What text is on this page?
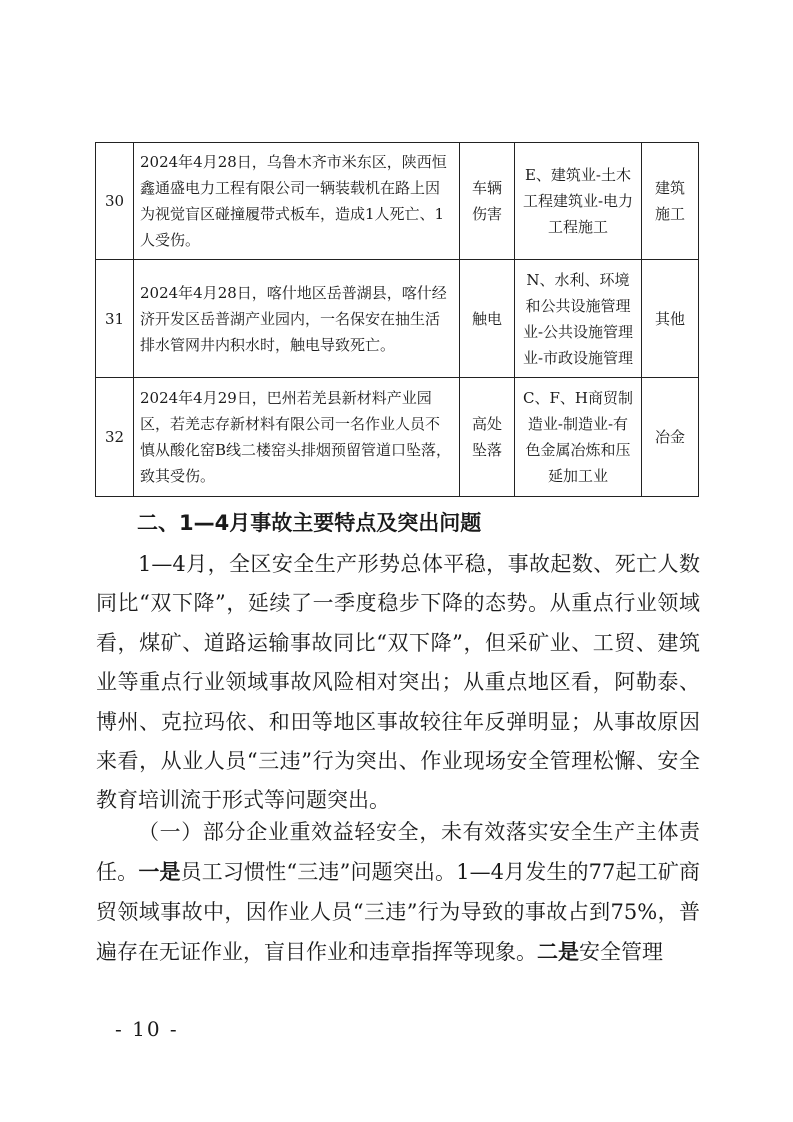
30	2024年4月28日，乌鲁木齐市米东区，陕西恒鑫通盛电力工程有限公司一辆装载机在路上因为视觉盲区碰撞履带式板车，造成1人死亡、1人受伤。	车辆伤害	E、建筑业-土木工程建筑业-电力工程施工	建筑施工
31	2024年4月28日，喀什地区岳普湖县，喀什经济开发区岳普湖产业园内，一名保安在抽生活排水管网井内积水时，触电导致死亡。	触电	N、水利、环境和公共设施管理业-公共设施管理业-市政设施管理	其他
32	2024年4月29日，巴州若羌县新材料产业园区，若羌志存新材料有限公司一名作业人员不慎从酸化窑B线二楼窑头排烟预留管道口坠落，致其受伤。	高处坠落	C、F、H商贸制造业-制造业-有色金属冶炼和压延加工业	冶金
二、1—4月事故主要特点及突出问题
1—4月，全区安全生产形势总体平稳，事故起数、死亡人数同比“双下降”，延续了一季度稳步下降的态势。从重点行业领域看，煤矿、道路运输事故同比“双下降”，但采矿业、工贸、建筑业等重点行业领域事故风险相对突出；从重点地区看，阿勒泰、博州、克拉玛依、和田等地区事故较往年反弹明显；从事故原因来看，从业人员“三违”行为突出、作业现场安全管理松懈、安全教育培训流于形式等问题突出。
（一）部分企业重效益轻安全，未有效落实安全生产主体责任。一是员工习惯性“三违”问题突出。1—4月发生的77起工矿商贸领域事故中，因作业人员“三违”行为导致的事故占到75%，普遍存在无证作业，盲目作业和违章指挥等现象。二是安全管理
- 10 -
